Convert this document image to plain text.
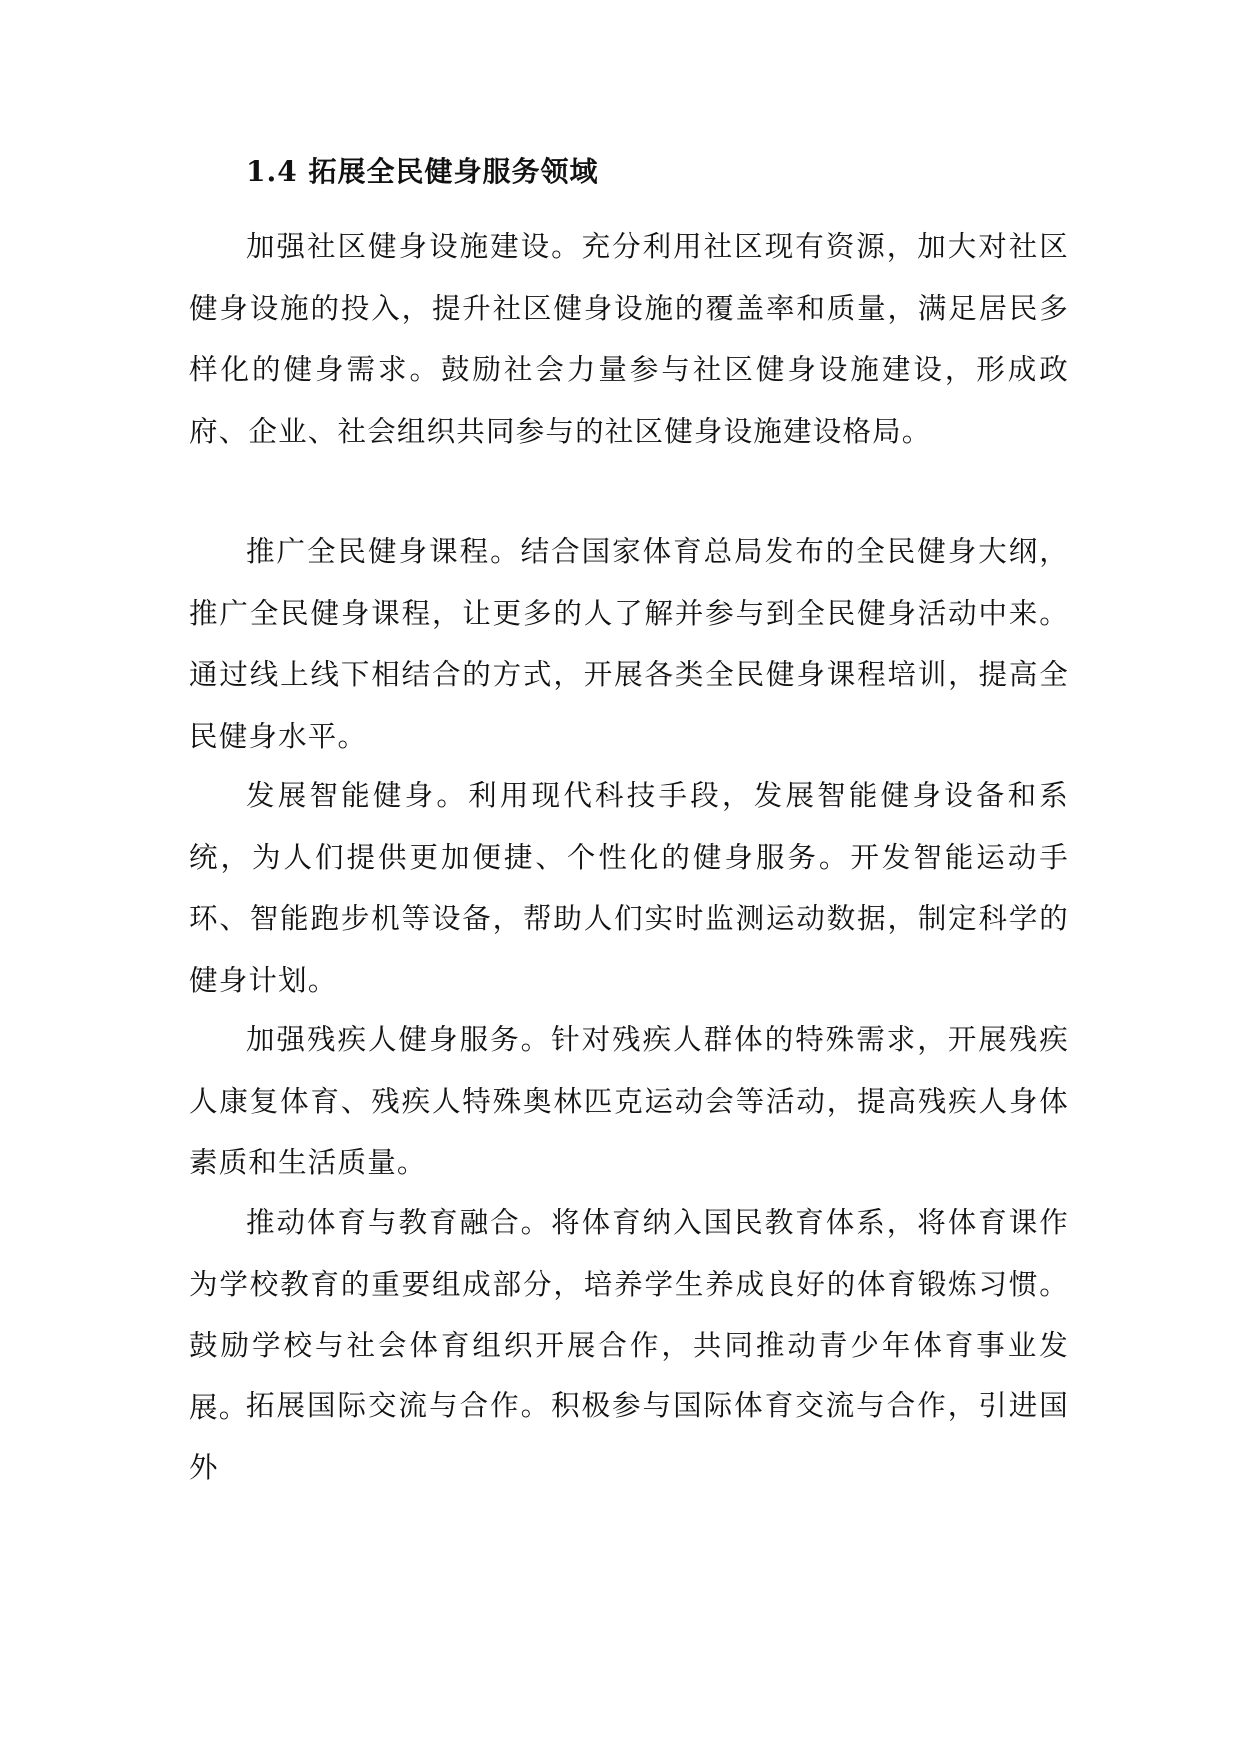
1.4 拓展全民健身服务领域

加强社区健身设施建设。充分利用社区现有资源，加大对社区健身设施的投入，提升社区健身设施的覆盖率和质量，满足居民多样化的健身需求。鼓励社会力量参与社区健身设施建设，形成政府、企业、社会组织共同参与的社区健身设施建设格局。

推广全民健身课程。结合国家体育总局发布的全民健身大纲，推广全民健身课程，让更多的人了解并参与到全民健身活动中来。通过线上线下相结合的方式，开展各类全民健身课程培训，提高全民健身水平。

发展智能健身。利用现代科技手段，发展智能健身设备和系统，为人们提供更加便捷、个性化的健身服务。开发智能运动手环、智能跑步机等设备，帮助人们实时监测运动数据，制定科学的健身计划。

加强残疾人健身服务。针对残疾人群体的特殊需求，开展残疾人康复体育、残疾人特殊奥林匹克运动会等活动，提高残疾人身体素质和生活质量。

推动体育与教育融合。将体育纳入国民教育体系，将体育课作为学校教育的重要组成部分，培养学生养成良好的体育锻炼习惯。鼓励学校与社会体育组织开展合作，共同推动青少年体育事业发展。

拓展国际交流与合作。积极参与国际体育交流与合作，引进国外
